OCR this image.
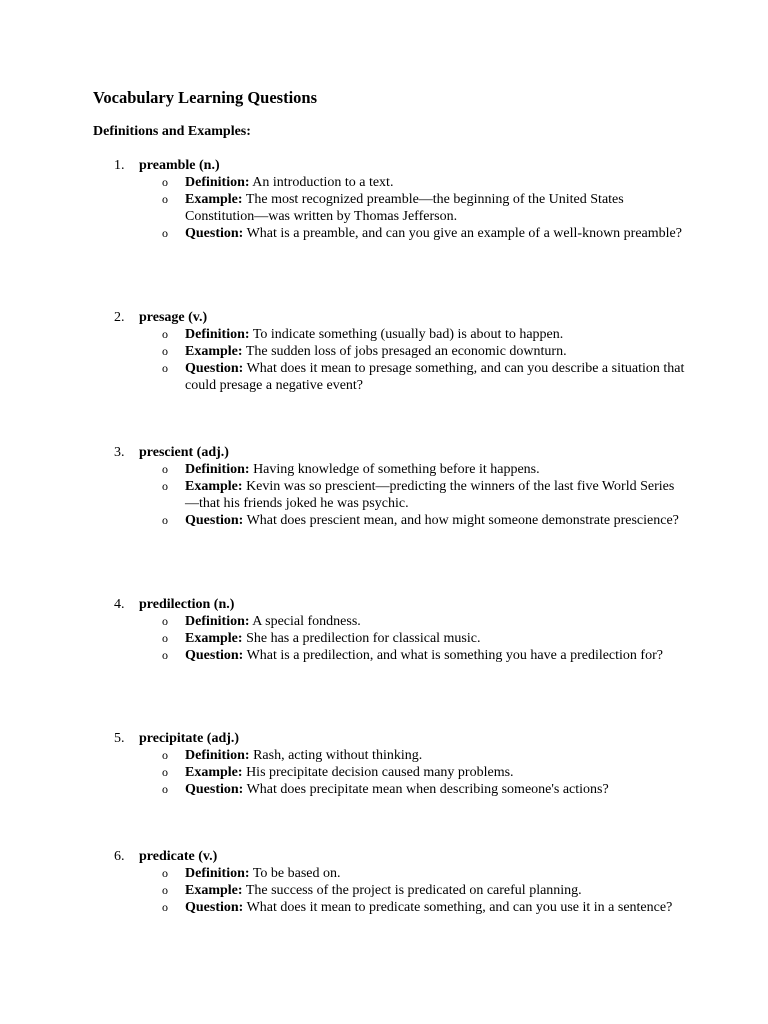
Vocabulary Learning Questions
Definitions and Examples:
1. preamble (n.)
o Definition: An introduction to a text.
o Example: The most recognized preamble—the beginning of the United States Constitution—was written by Thomas Jefferson.
o Question: What is a preamble, and can you give an example of a well-known preamble?
2. presage (v.)
o Definition: To indicate something (usually bad) is about to happen.
o Example: The sudden loss of jobs presaged an economic downturn.
o Question: What does it mean to presage something, and can you describe a situation that could presage a negative event?
3. prescient (adj.)
o Definition: Having knowledge of something before it happens.
o Example: Kevin was so prescient—predicting the winners of the last five World Series—that his friends joked he was psychic.
o Question: What does prescient mean, and how might someone demonstrate prescience?
4. predilection (n.)
o Definition: A special fondness.
o Example: She has a predilection for classical music.
o Question: What is a predilection, and what is something you have a predilection for?
5. precipitate (adj.)
o Definition: Rash, acting without thinking.
o Example: His precipitate decision caused many problems.
o Question: What does precipitate mean when describing someone's actions?
6. predicate (v.)
o Definition: To be based on.
o Example: The success of the project is predicated on careful planning.
o Question: What does it mean to predicate something, and can you use it in a sentence?
